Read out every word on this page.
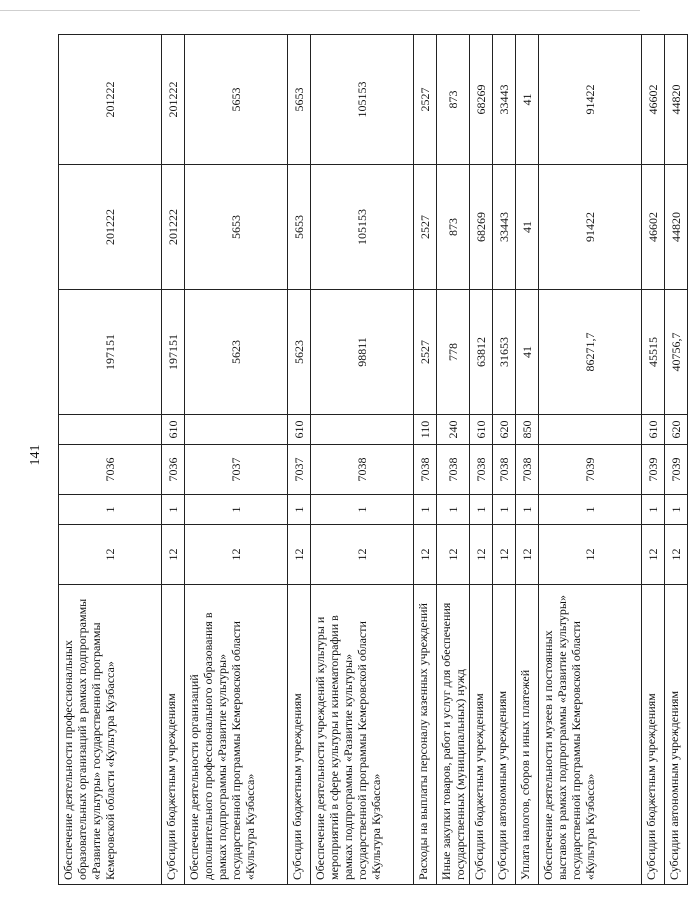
141
Обеспечение деятельности профессиональных образовательных организаций в рамках подпрограммы «Развитие культуры» государственной программы Кемеровской области «Культура Кузбасса»	12	1	7036		197151	201222	201222
Субсидии бюджетным учреждениям	12	1	7036	610	197151	201222	201222
Обеспечение деятельности организаций дополнительного профессионального образования в рамках подпрограммы «Развитие культуры» государственной программы Кемеровской области «Культура Кузбасса»	12	1	7037		5623	5653	5653
Субсидии бюджетным учреждениям	12	1	7037	610	5623	5653	5653
Обеспечение деятельности учреждений культуры и мероприятий в сфере культуры и кинематографии в рамках подпрограммы «Развитие культуры» государственной программы Кемеровской области «Культура Кузбасса»	12	1	7038		98811	105153	105153
Расходы на выплаты персоналу казенных учреждений	12	1	7038	110	2527	2527	2527
Иные закупки товаров, работ и услуг для обеспечения государственных (муниципальных) нужд	12	1	7038	240	778	873	873
Субсидии бюджетным учреждениям	12	1	7038	610	63812	68269	68269
Субсидии автономным учреждениям	12	1	7038	620	31653	33443	33443
Уплата налогов, сборов и иных платежей	12	1	7038	850	41	41	41
Обеспечение деятельности музеев и постоянных выставок в рамках подпрограммы «Развитие культуры» государственной программы Кемеровской области «Культура Кузбасса»	12	1	7039		86271,7	91422	91422
Субсидии бюджетным учреждениям	12	1	7039	610	45515	46602	46602
Субсидии автономным учреждениям	12	1	7039	620	40756,7	44820	44820
